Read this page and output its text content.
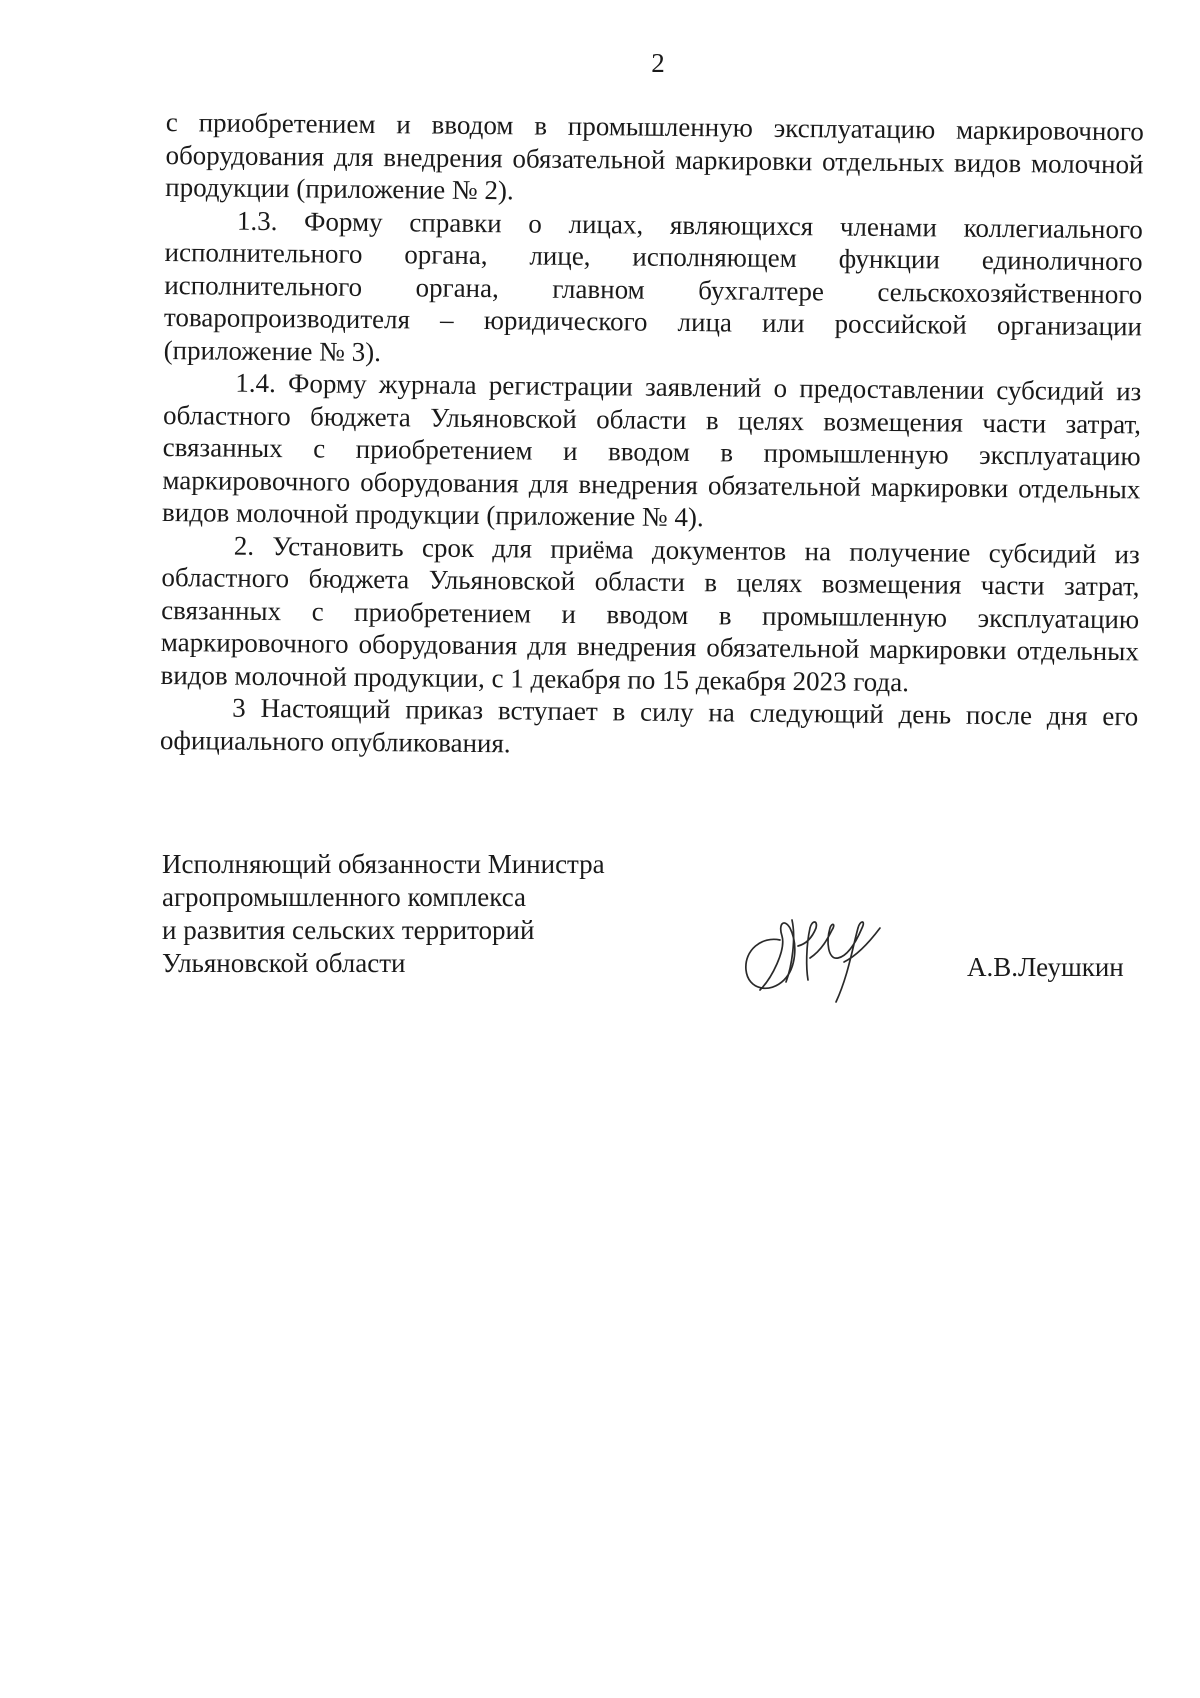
2

с приобретением и вводом в промышленную эксплуатацию маркировочного оборудования для внедрения обязательной маркировки отдельных видов молочной продукции (приложение № 2).

1.3. Форму справки о лицах, являющихся членами коллегиального исполнительного органа, лице, исполняющем функции единоличного исполнительного органа, главном бухгалтере сельскохозяйственного товаропроизводителя – юридического лица или российской организации (приложение № 3).

1.4. Форму журнала регистрации заявлений о предоставлении субсидий из областного бюджета Ульяновской области в целях возмещения части затрат, связанных с приобретением и вводом в промышленную эксплуатацию маркировочного оборудования для внедрения обязательной маркировки отдельных видов молочной продукции (приложение № 4).

2. Установить срок для приёма документов на получение субсидий из областного бюджета Ульяновской области в целях возмещения части затрат, связанных с приобретением и вводом в промышленную эксплуатацию маркировочного оборудования для внедрения обязательной маркировки отдельных видов молочной продукции, с 1 декабря по 15 декабря 2023 года.

3 Настоящий приказ вступает в силу на следующий день после дня его официального опубликования.

Исполняющий обязанности Министра
агропромышленного комплекса
и развития сельских территорий
Ульяновской области	А.В.Леушкин
